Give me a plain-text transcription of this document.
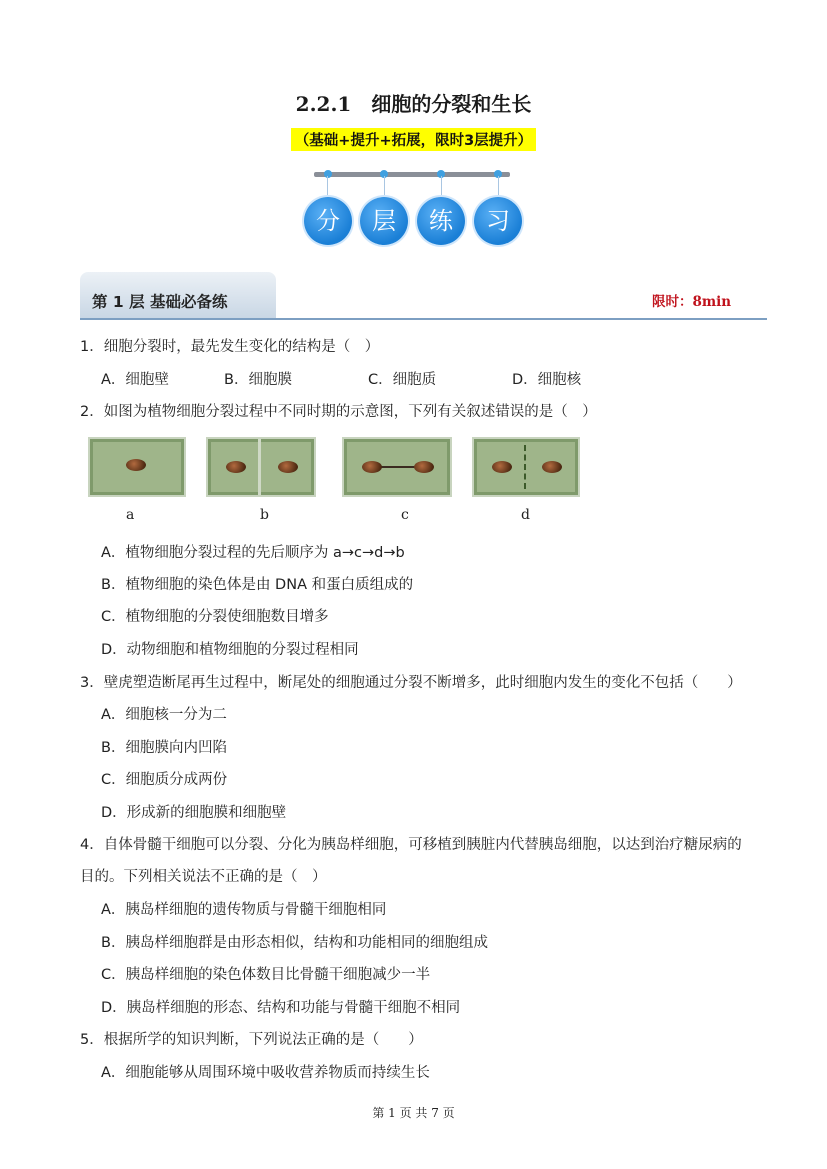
2.2.1　细胞的分裂和生长
（基础+提升+拓展，限时3层提升）
分	层	练	习
第 1 层 基础必备练	限时：8min
1．细胞分裂时，最先发生变化的结构是（　）
A．细胞壁	B．细胞膜	C．细胞质	D．细胞核
2．如图为植物细胞分裂过程中不同时期的示意图，下列有关叙述错误的是（　）
a	b	c	d
A．植物细胞分裂过程的先后顺序为 a→c→d→b
B．植物细胞的染色体是由 DNA 和蛋白质组成的
C．植物细胞的分裂使细胞数目增多
D．动物细胞和植物细胞的分裂过程相同
3．壁虎塑造断尾再生过程中，断尾处的细胞通过分裂不断增多，此时细胞内发生的变化不包括（　　）
A．细胞核一分为二
B．细胞膜向内凹陷
C．细胞质分成两份
D．形成新的细胞膜和细胞壁
4．自体骨髓干细胞可以分裂、分化为胰岛样细胞，可移植到胰脏内代替胰岛细胞，以达到治疗糖尿病的
目的。下列相关说法不正确的是（　）
A．胰岛样细胞的遗传物质与骨髓干细胞相同
B．胰岛样细胞群是由形态相似，结构和功能相同的细胞组成
C．胰岛样细胞的染色体数目比骨髓干细胞减少一半
D．胰岛样细胞的形态、结构和功能与骨髓干细胞不相同
5．根据所学的知识判断，下列说法正确的是（　　）
A．细胞能够从周围环境中吸收营养物质而持续生长
第 1 页 共 7 页
